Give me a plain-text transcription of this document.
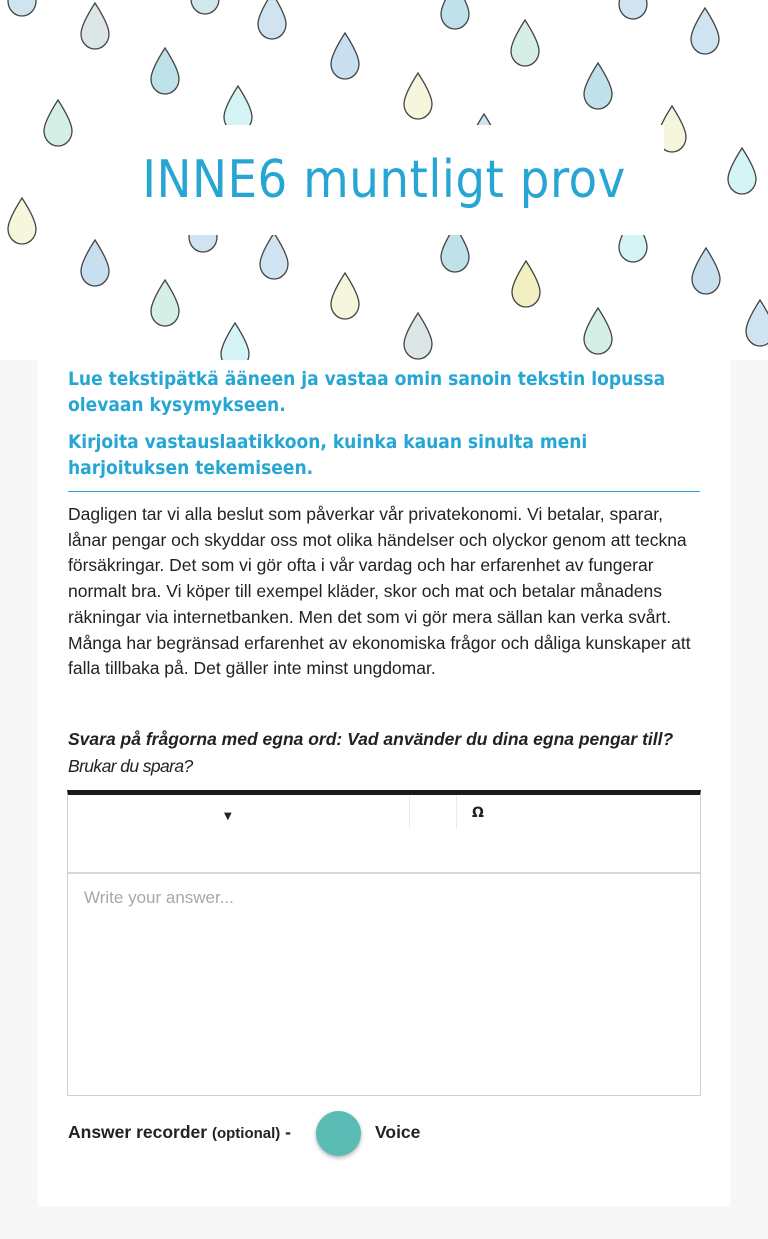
INNE6 muntligt prov
Lue tekstipätkä ääneen ja vastaa omin sanoin tekstin lopussa olevaan kysymykseen.
Kirjoita vastauslaatikkoon, kuinka kauan sinulta meni harjoituksen tekemiseen.
Dagligen tar vi alla beslut som påverkar vår privatekonomi. Vi betalar, sparar, lånar pengar och skyddar oss mot olika händelser och olyckor genom att teckna försäkringar. Det som vi gör ofta i vår vardag och har erfarenhet av fungerar normalt bra. Vi köper till exempel kläder, skor och mat och betalar månadens räkningar via internetbanken. Men det som vi gör mera sällan kan verka svårt. Många har begränsad erfarenhet av ekonomiska frågor och dåliga kunskaper att falla tillbaka på. Det gäller inte minst ungdomar.
Svara på frågorna med egna ord: Vad använder du dina egna pengar till? Brukar du spara?
▼	Ω
Write your answer...
Answer recorder (optional) -	Voice
